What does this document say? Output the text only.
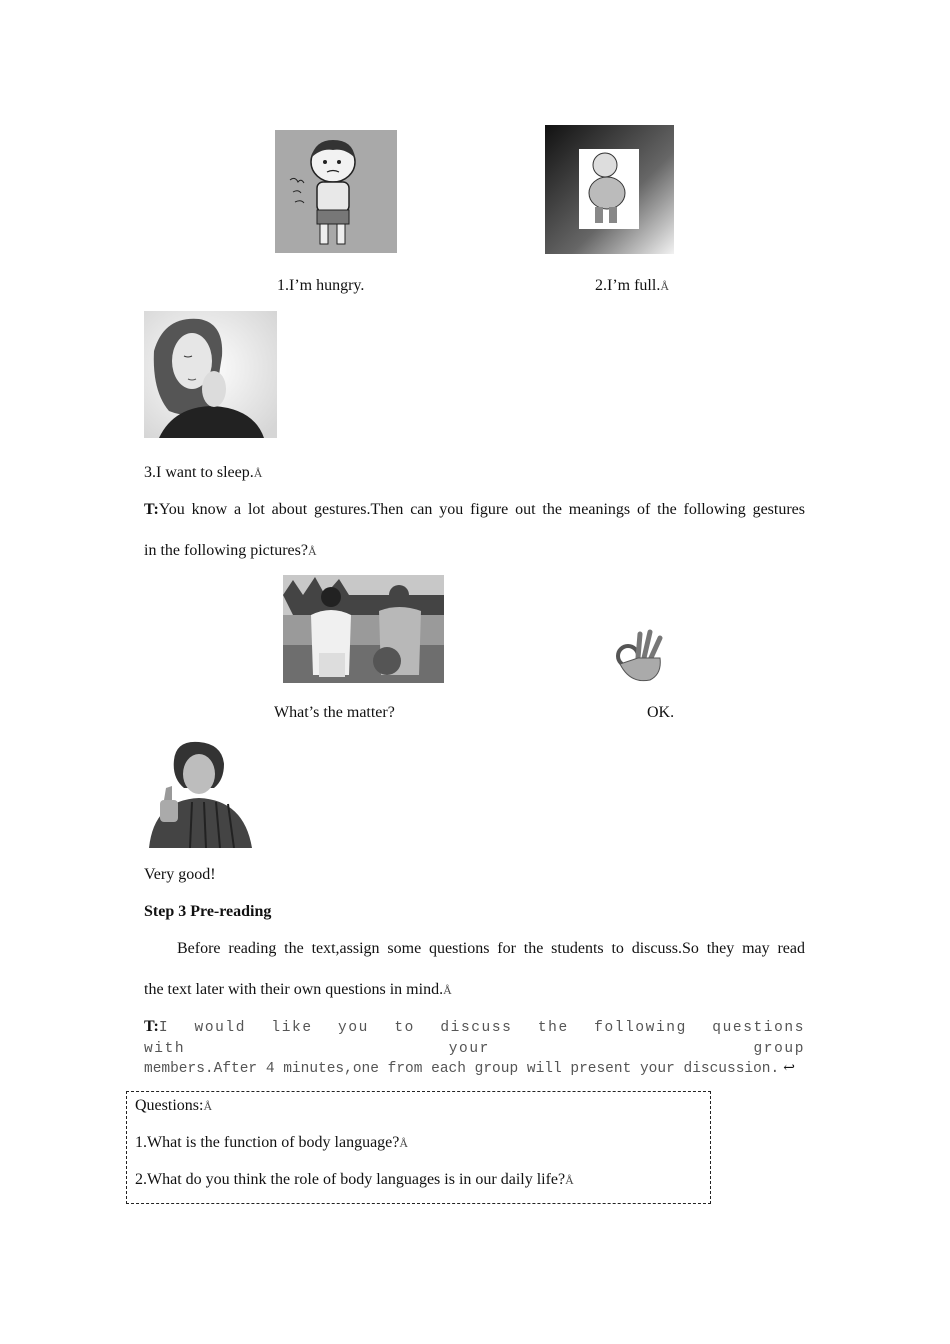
1.I’m hungry.	2.I’m full.Å
3.I want to sleep.Å
T:You know a lot about gestures.Then can you figure out the meanings of the following gestures
in the following pictures?Å
What’s the matter?	OK.
Very good!
Step 3 Pre-reading
Before reading the text,assign some questions for the students to discuss.So they may read
the text later with their own questions in mind.Å
T:I would like you to discuss the following questions with your group
members.After 4 minutes,one from each group will present your discussion. ↩
Questions:Å
1.What is the function of body language?Å
2.What do you think the role of body languages is in our daily life?Å
